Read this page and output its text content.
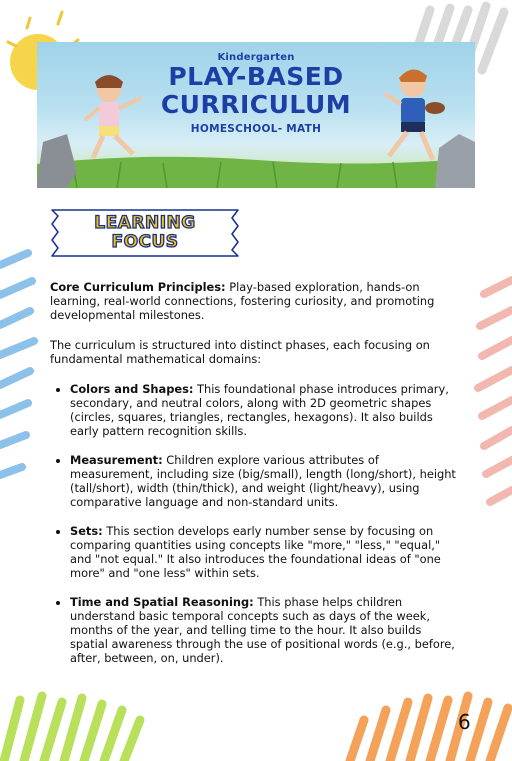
Kindergarten
PLAY-BASED
CURRICULUM
HOMESCHOOL- MATH
LEARNING
FOCUS

Core Curriculum Principles: Play-based exploration, hands-on learning, real-world connections, fostering curiosity, and promoting developmental milestones.

The curriculum is structured into distinct phases, each focusing on fundamental mathematical domains:

• Colors and Shapes: This foundational phase introduces primary, secondary, and neutral colors, along with 2D geometric shapes (circles, squares, triangles, rectangles, hexagons). It also builds early pattern recognition skills.
• Measurement: Children explore various attributes of measurement, including size (big/small), length (long/short), height (tall/short), width (thin/thick), and weight (light/heavy), using comparative language and non-standard units.
• Sets: This section develops early number sense by focusing on comparing quantities using concepts like "more," "less," "equal," and "not equal." It also introduces the foundational ideas of "one more" and "one less" within sets.
• Time and Spatial Reasoning: This phase helps children understand basic temporal concepts such as days of the week, months of the year, and telling time to the hour. It also builds spatial awareness through the use of positional words (e.g., before, after, between, on, under).
6
